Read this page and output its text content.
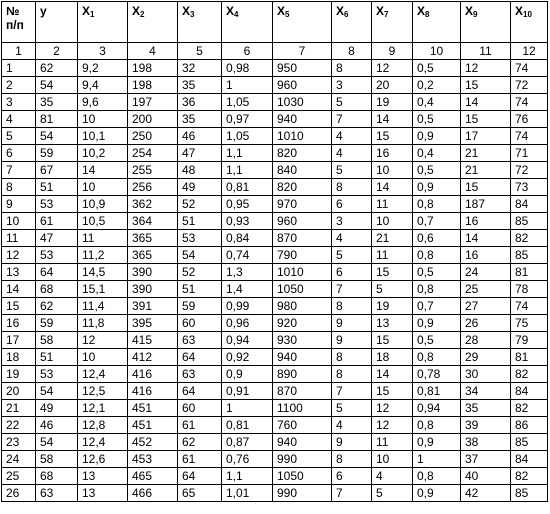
№
п/п	y	$X_1$	$X_2$	$X_3$	$X_4$	$X_5$	$X_6$	$X_7$	$X_8$	$X_9$	$X_{10}$
1	2	3	4	5	6	7	8	9	10	11	12
1	62	9,2	198	32	0,98	950	8	12	0,5	12	74
2	54	9,4	198	35	1	960	3	20	0,2	15	72
3	35	9,6	197	36	1,05	1030	5	19	0,4	14	74
4	81	10	200	35	0,97	940	7	14	0,5	15	76
5	54	10,1	250	46	1,05	1010	4	15	0,9	17	74
6	59	10,2	254	47	1,1	820	4	16	0,4	21	71
7	67	14	255	48	1,1	840	5	10	0,5	21	72
8	51	10	256	49	0,81	820	8	14	0,9	15	73
9	53	10,9	362	52	0,95	970	6	11	0,8	187	84
10	61	10,5	364	51	0,93	960	3	10	0,7	16	85
11	47	11	365	53	0,84	870	4	21	0,6	14	82
12	53	11,2	365	54	0,74	790	5	11	0,8	16	85
13	64	14,5	390	52	1,3	1010	6	15	0,5	24	81
14	68	15,1	390	51	1,4	1050	7	5	0,8	25	78
15	62	11,4	391	59	0,99	980	8	19	0,7	27	74
16	59	11,8	395	60	0,96	920	9	13	0,9	26	75
17	58	12	415	63	0,94	930	9	15	0,5	28	79
18	51	10	412	64	0,92	940	8	18	0,8	29	81
19	53	12,4	416	63	0,9	890	8	14	0,78	30	82
20	54	12,5	416	64	0,91	870	7	15	0,81	34	84
21	49	12,1	451	60	1	1100	5	12	0,94	35	82
22	46	12,8	451	61	0,81	760	4	12	0,8	39	86
23	54	12,4	452	62	0,87	940	9	11	0,9	38	85
24	58	12,6	453	61	0,76	990	8	10	1	37	84
25	68	13	465	64	1,1	1050	6	4	0,8	40	82
26	63	13	466	65	1,01	990	7	5	0,9	42	85
